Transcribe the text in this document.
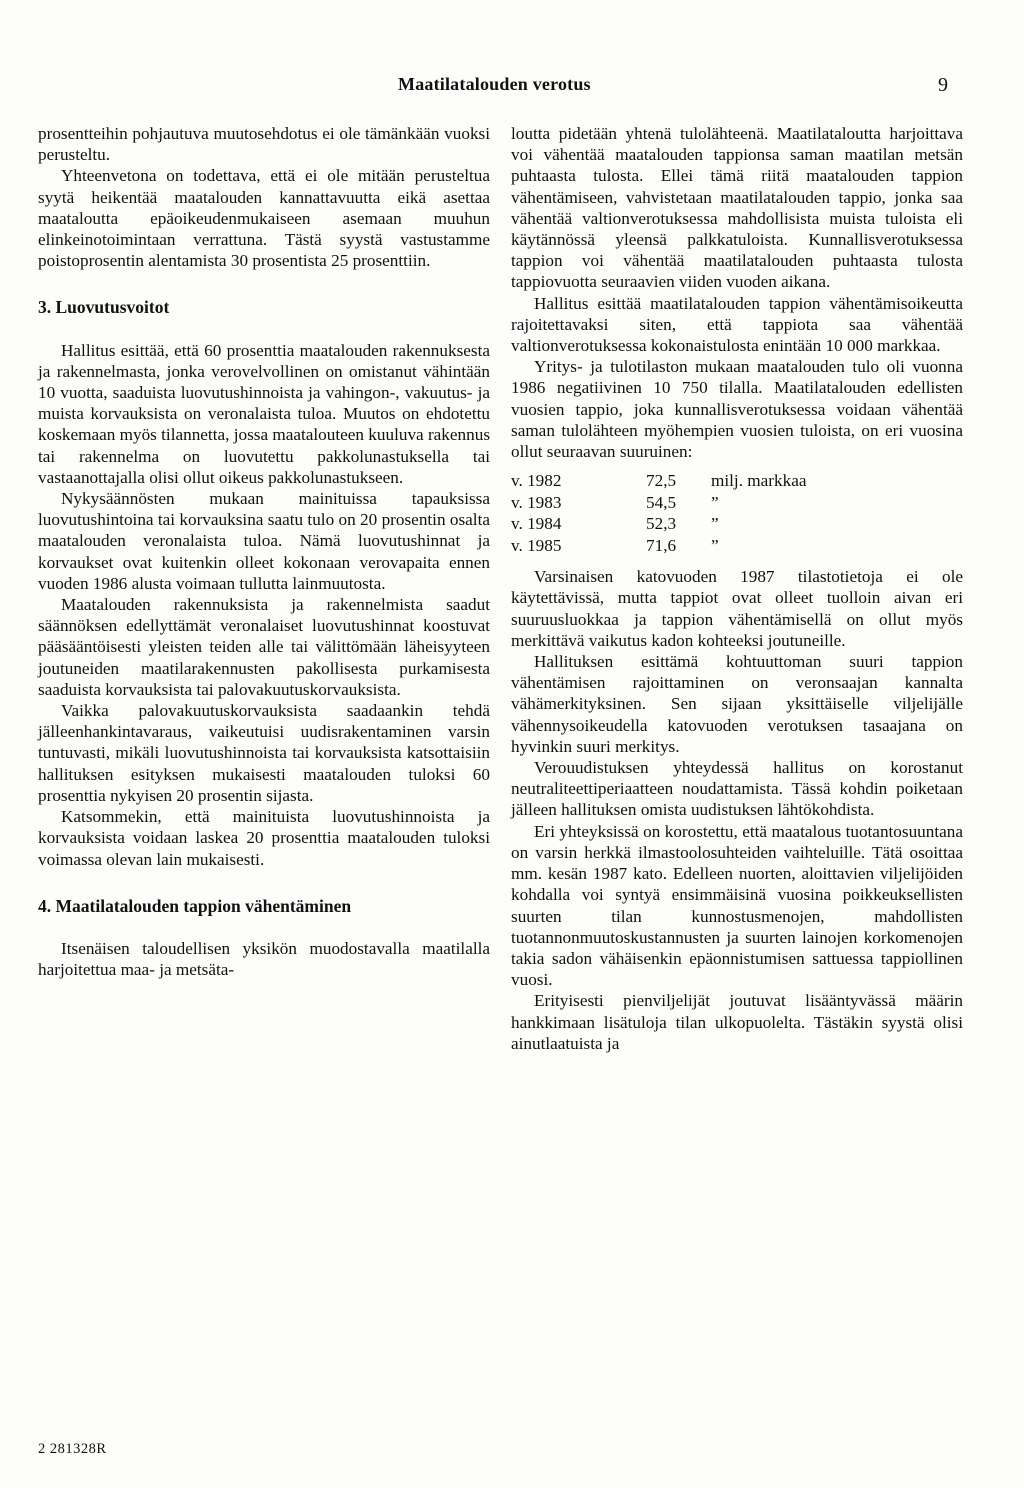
Maatilatalouden verotus	9

prosentteihin pohjautuva muutosehdotus ei ole tämänkään vuoksi perusteltu.

Yhteenvetona on todettava, että ei ole mitään perusteltua syytä heikentää maatalouden kannattavuutta eikä asettaa maataloutta epäoikeudenmukaiseen asemaan muuhun elinkeinotoimintaan verrattuna. Tästä syystä vastustamme poistoprosentin alentamista 30 prosentista 25 prosenttiin.

3. Luovutusvoitot

Hallitus esittää, että 60 prosenttia maatalouden rakennuksesta ja rakennelmasta, jonka verovelvollinen on omistanut vähintään 10 vuotta, saaduista luovutushinnoista ja vahingon-, vakuutus- ja muista korvauksista on veronalaista tuloa. Muutos on ehdotettu koskemaan myös tilannetta, jossa maatalouteen kuuluva rakennus tai rakennelma on luovutettu pakkolunastuksella tai vastaanottajalla olisi ollut oikeus pakkolunastukseen.

Nykysäännösten mukaan mainituissa tapauksissa luovutushintoina tai korvauksina saatu tulo on 20 prosentin osalta maatalouden veronalaista tuloa. Nämä luovutushinnat ja korvaukset ovat kuitenkin olleet kokonaan verovapaita ennen vuoden 1986 alusta voimaan tullutta lainmuutosta.

Maatalouden rakennuksista ja rakennelmista saadut säännöksen edellyttämät veronalaiset luovutushinnat koostuvat pääsääntöisesti yleisten teiden alle tai välittömään läheisyyteen joutuneiden maatilarakennusten pakollisesta purkamisesta saaduista korvauksista tai palovakuutuskorvauksista.

Vaikka palovakuutuskorvauksista saadaankin tehdä jälleenhankintavaraus, vaikeutuisi uudisrakentaminen varsin tuntuvasti, mikäli luovutushinnoista tai korvauksista katsottaisiin hallituksen esityksen mukaisesti maatalouden tuloksi 60 prosenttia nykyisen 20 prosentin sijasta.

Katsommekin, että mainituista luovutushinnoista ja korvauksista voidaan laskea 20 prosenttia maatalouden tuloksi voimassa olevan lain mukaisesti.

4. Maatilatalouden tappion vähentäminen

Itsenäisen taloudellisen yksikön muodostavalla maatilalla harjoitettua maa- ja metsäta-

loutta pidetään yhtenä tulolähteenä. Maatilataloutta harjoittava voi vähentää maatalouden tappionsa saman maatilan metsän puhtaasta tulosta. Ellei tämä riitä maatalouden tappion vähentämiseen, vahvistetaan maatilatalouden tappio, jonka saa vähentää valtionverotuksessa mahdollisista muista tuloista eli käytännössä yleensä palkkatuloista. Kunnallisverotuksessa tappion voi vähentää maatilatalouden puhtaasta tulosta tappiovuotta seuraavien viiden vuoden aikana.

Hallitus esittää maatilatalouden tappion vähentämisoikeutta rajoitettavaksi siten, että tappiota saa vähentää valtionverotuksessa kokonaistulosta enintään 10 000 markkaa.

Yritys- ja tulotilaston mukaan maatalouden tulo oli vuonna 1986 negatiivinen 10 750 tilalla. Maatilatalouden edellisten vuosien tappio, joka kunnallisverotuksessa voidaan vähentää saman tulolähteen myöhempien vuosien tuloista, on eri vuosina ollut seuraavan suuruinen:

v. 1982	72,5	milj. markkaa
v. 1983	54,5	”
v. 1984	52,3	”
v. 1985	71,6	”

Varsinaisen katovuoden 1987 tilastotietoja ei ole käytettävissä, mutta tappiot ovat olleet tuolloin aivan eri suuruusluokkaa ja tappion vähentämisellä on ollut myös merkittävä vaikutus kadon kohteeksi joutuneille.

Hallituksen esittämä kohtuuttoman suuri tappion vähentämisen rajoittaminen on veronsaajan kannalta vähämerkityksinen. Sen sijaan yksittäiselle viljelijälle vähennysoikeudella katovuoden verotuksen tasaajana on hyvinkin suuri merkitys.

Verouudistuksen yhteydessä hallitus on korostanut neutraliteettiperiaatteen noudattamista. Tässä kohdin poiketaan jälleen hallituksen omista uudistuksen lähtökohdista.

Eri yhteyksissä on korostettu, että maatalous tuotantosuuntana on varsin herkkä ilmastoolosuhteiden vaihteluille. Tätä osoittaa mm. kesän 1987 kato. Edelleen nuorten, aloittavien viljelijöiden kohdalla voi syntyä ensimmäisinä vuosina poikkeuksellisten suurten tilan kunnostusmenojen, mahdollisten tuotannonmuutoskustannusten ja suurten lainojen korkomenojen takia sadon vähäisenkin epäonnistumisen sattuessa tappiollinen vuosi.

Erityisesti pienviljelijät joutuvat lisääntyvässä määrin hankkimaan lisätuloja tilan ulkopuolelta. Tästäkin syystä olisi ainutlaatuista ja

2 281328R
